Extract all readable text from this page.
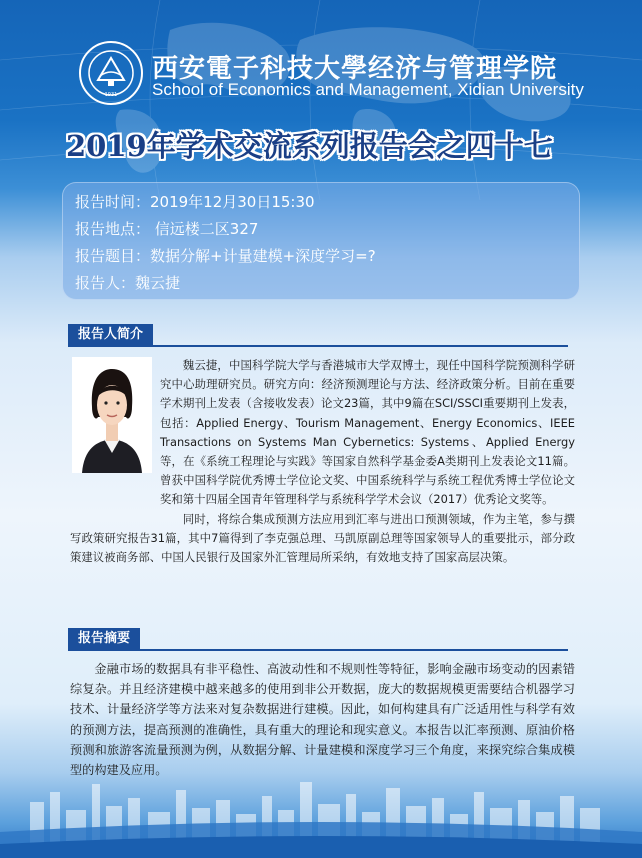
1931
西安電子科技大學经济与管理学院
School of Economics and Management, Xidian University
2019年学术交流系列报告会之四十七
报告时间：2019年12月30日15:30
报告地点： 信远楼二区327
报告题目：数据分解+计量建模+深度学习=?
报告人：魏云捷
报告人简介

魏云捷，中国科学院大学与香港城市大学双博士，现任中国科学院预测科学研究中心助理研究员。研究方向：经济预测理论与方法、经济政策分析。目前在重要学术期刊上发表（含接收发表）论文23篇，其中9篇在SCI/SSCI重要期刊上发表，包括：Applied Energy、Tourism Management、Energy Economics、IEEE Transactions on Systems Man Cybernetics: Systems、Applied Energy等，在《系统工程理论与实践》等国家自然科学基金委A类期刊上发表论文11篇。曾获中国科学院优秀博士学位论文奖、中国系统科学与系统工程优秀博士学位论文奖和第十四届全国青年管理科学与系统科学学术会议（2017）优秀论文奖等。

同时，将综合集成预测方法应用到汇率与进出口预测领域，作为主笔，参与撰写政策研究报告31篇，其中7篇得到了李克强总理、马凯原副总理等国家领导人的重要批示，部分政策建议被商务部、中国人民银行及国家外汇管理局所采纳，有效地支持了国家高层决策。

报告摘要

金融市场的数据具有非平稳性、高波动性和不规则性等特征，影响金融市场变动的因素错综复杂。并且经济建模中越来越多的使用到非公开数据，庞大的数据规模更需要结合机器学习技术、计量经济学等方法来对复杂数据进行建模。因此，如何构建具有广泛适用性与科学有效的预测方法，提高预测的准确性，具有重大的理论和现实意义。本报告以汇率预测、原油价格预测和旅游客流量预测为例，从数据分解、计量建模和深度学习三个角度，来探究综合集成模型的构建及应用。
